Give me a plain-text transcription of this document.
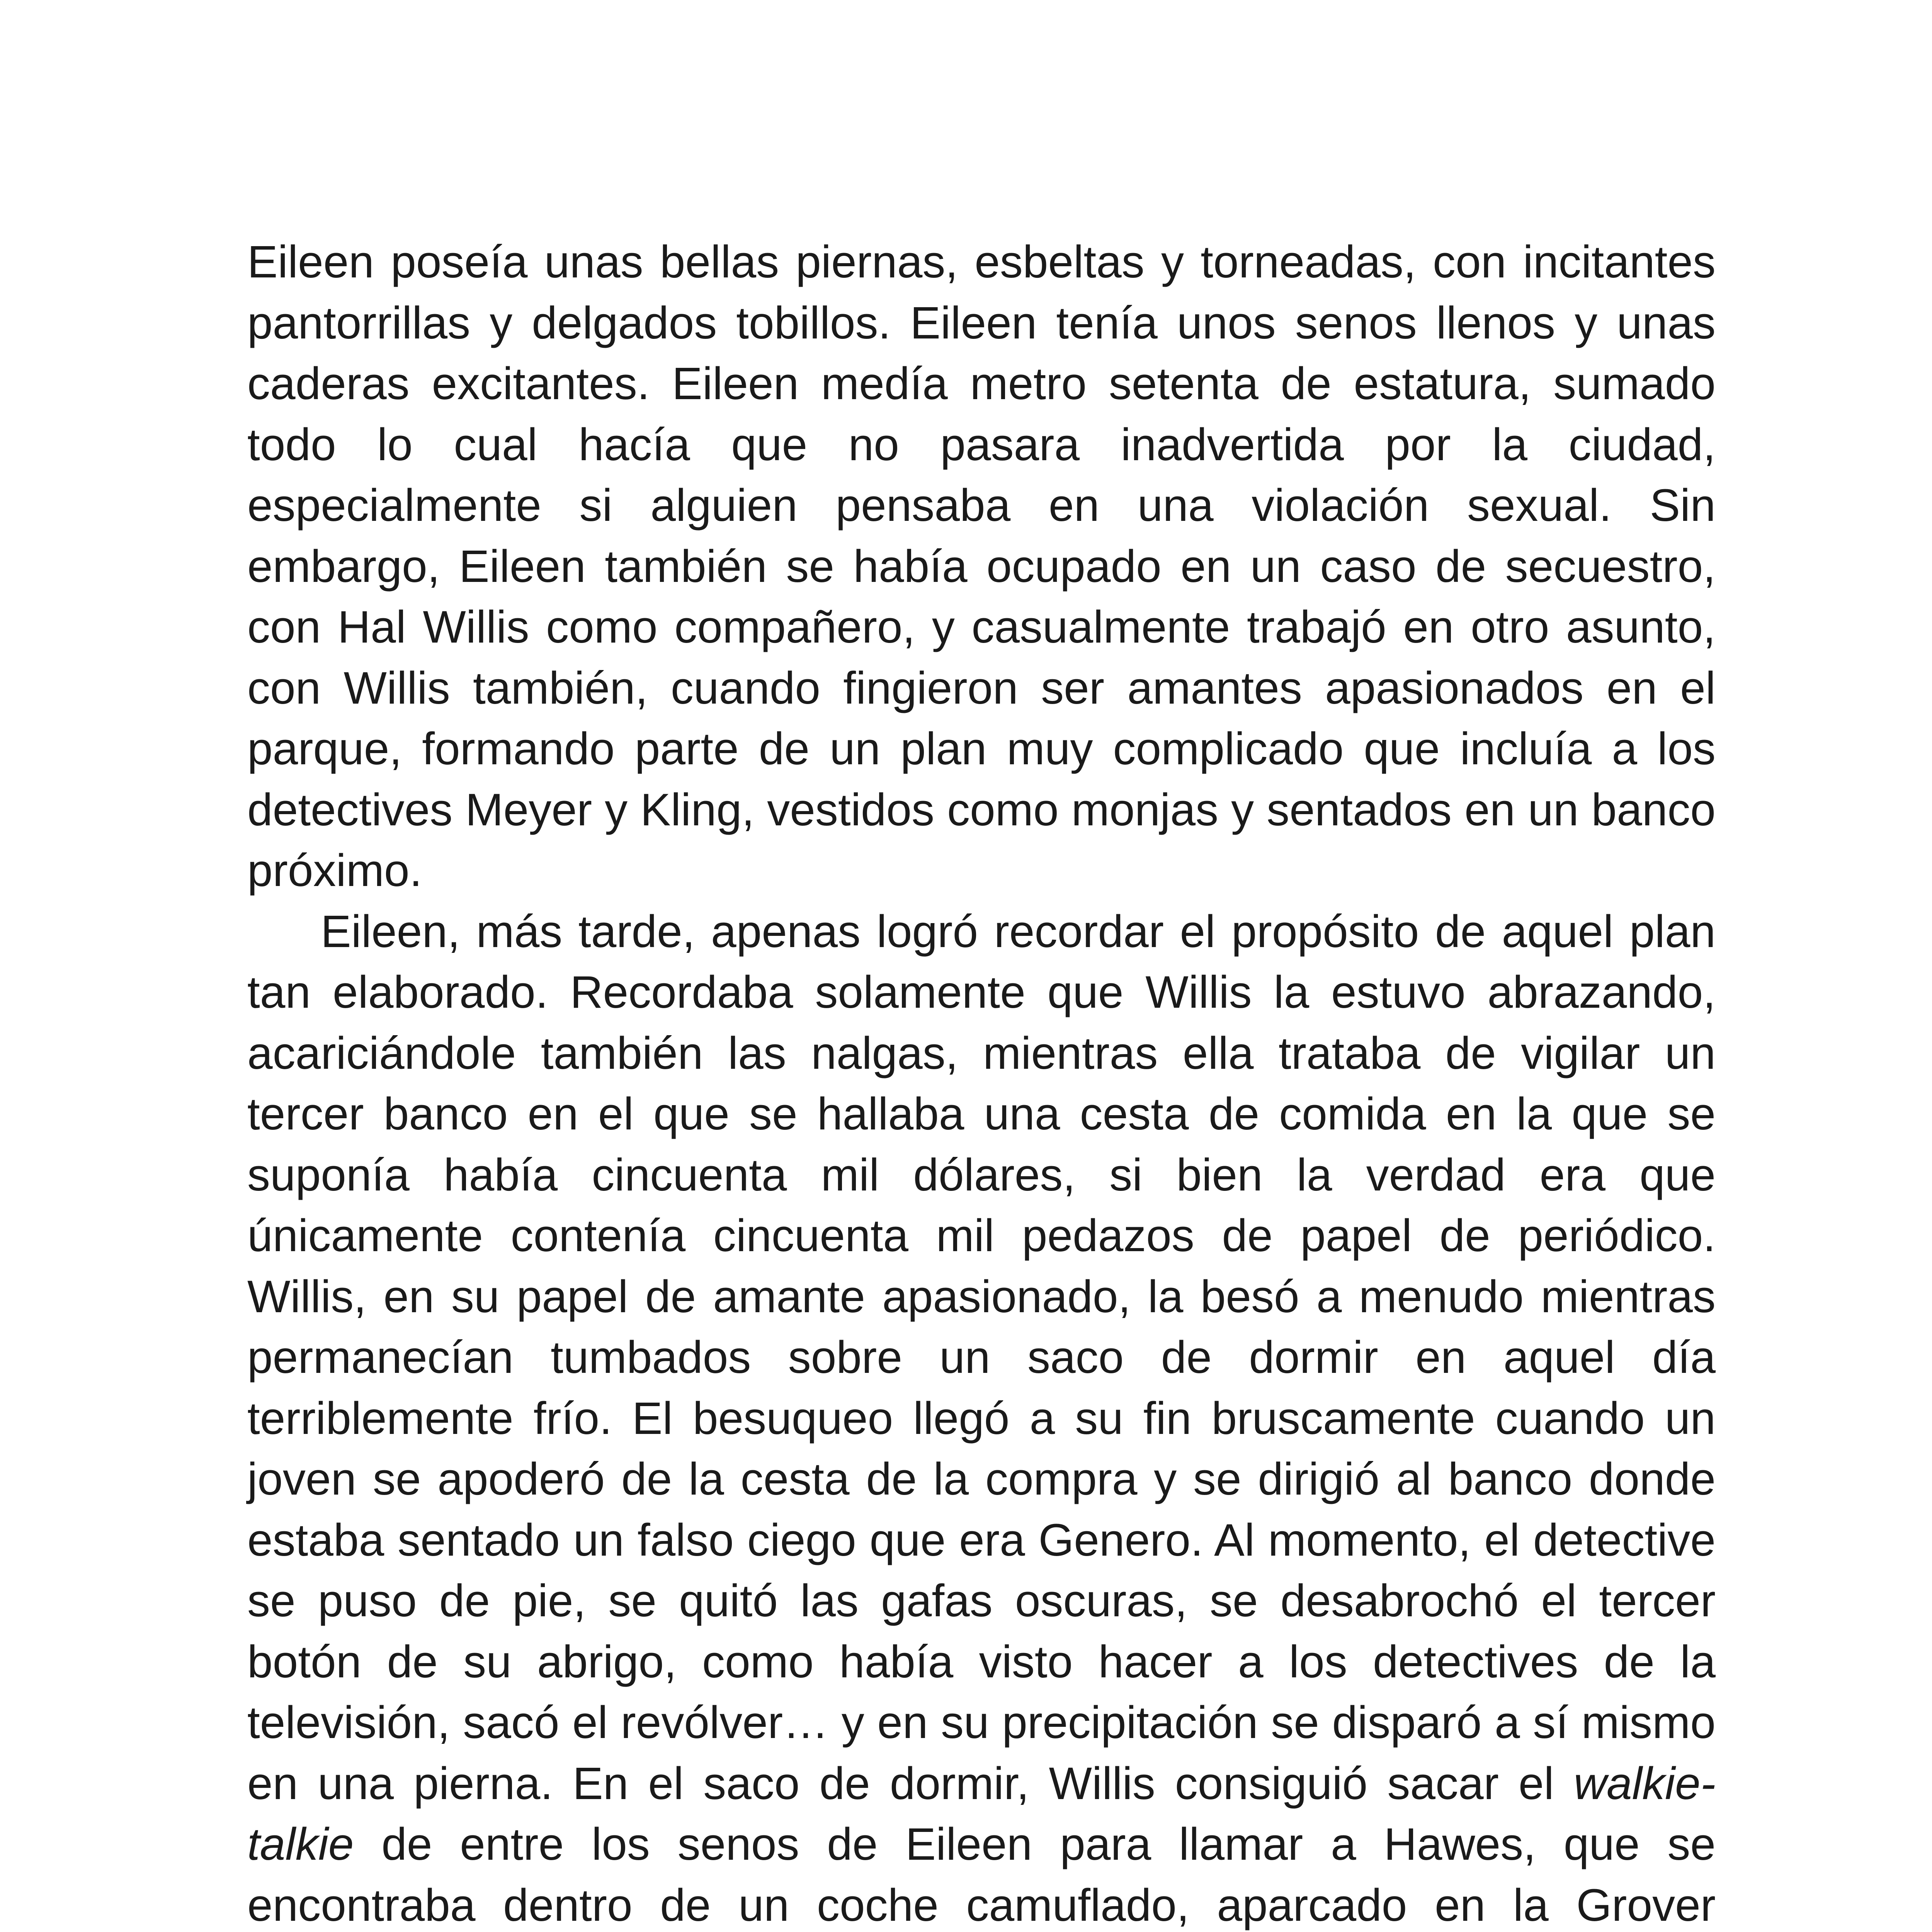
Eileen poseía unas bellas piernas, esbeltas y torneadas, con incitantes pantorrillas y delgados tobillos. Eileen tenía unos senos llenos y unas caderas excitantes. Eileen medía metro setenta de estatura, sumado todo lo cual hacía que no pasara inadvertida por la ciudad, especialmente si alguien pensaba en una violación sexual. Sin embargo, Eileen también se había ocupado en un caso de secuestro, con Hal Willis como compañero, y casualmente trabajó en otro asunto, con Willis también, cuando fingieron ser amantes apasionados en el parque, formando parte de un plan muy complicado que incluía a los detectives Meyer y Kling, vestidos como monjas y sentados en un banco próximo.

Eileen, más tarde, apenas logró recordar el propósito de aquel plan tan elaborado. Recordaba solamente que Willis la estuvo abrazando, acariciándole también las nalgas, mientras ella trataba de vigilar un tercer banco en el que se hallaba una cesta de comida en la que se suponía había cincuenta mil dólares, si bien la verdad era que únicamente contenía cincuenta mil pedazos de papel de periódico. Willis, en su papel de amante apasionado, la besó a menudo mientras permanecían tumbados sobre un saco de dormir en aquel día terriblemente frío. El besuqueo llegó a su fin bruscamente cuando un joven se apoderó de la cesta de la compra y se dirigió al banco donde estaba sentado un falso ciego que era Genero. Al momento, el detective se puso de pie, se quitó las gafas oscuras, se desabrochó el tercer botón de su abrigo, como había visto hacer a los detectives de la televisión, sacó el revólver… y en su precipitación se disparó a sí mismo en una pierna. En el saco de dormir, Willis consiguió sacar el walkie-talkie de entre los senos de Eileen para llamar a Hawes, que se encontraba dentro de un coche camuflado, aparcado en la Grover
